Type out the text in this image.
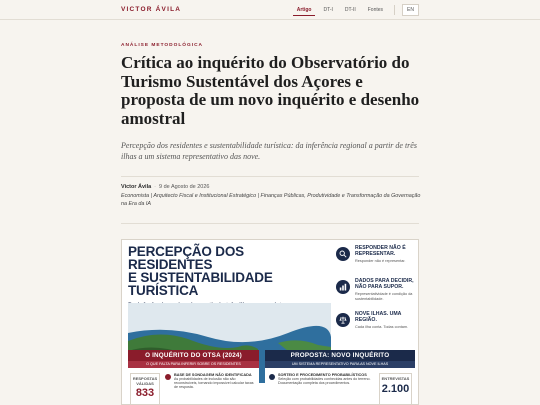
VICTOR ÁVILA	Artigo	DT-I	DT-II	Fontes	EN
ANÁLISE METODOLÓGICA
Crítica ao inquérito do Observatório do Turismo Sustentável dos Açores e proposta de um novo inquérito e desenho amostral

Percepção dos residentes e sustentabilidade turística: da inferência regional a partir de três ilhas a um sistema representativo das nove.

Victor Ávila · 9 de Agosto de 2026
Economista | Arquitecto Fiscal e Institucional Estratégico | Finanças Públicas, Produtividade e Transformação da Governação na Era da IA
PERCEPÇÃO DOS RESIDENTES
E SUSTENTABILIDADE TURÍSTICA
RESPONDER NÃO É REPRESENTAR.
Responder não é representar.
DADOS PARA DECIDIR, NÃO PARA SUPOR.
Representatividade é condição da sustentabilidade.
NOVE ILHAS. UMA REGIÃO.
Cada ilha conta. Todas contam.
O INQUÉRITO DO OTSA (2024)
O QUE FALTA PARA INFERIR SOBRE OS RESIDENTES
RESPOSTAS VÁLIDAS
833
BASE DE SONDAGEM NÃO IDENTIFICADA
As probabilidades de inclusão não são reconstruíveis, tornando impossível calcular taxas de resposta.
PROPOSTA: NOVO INQUÉRITO
UM SISTEMA REPRESENTATIVO PARA AS NOVE ILHAS
SORTEIO E PROCEDIMENTO PROBABILÍSTICOS
Seleção com probabilidades conhecidas antes do terreno. Documentação completa dos procedimentos.
ENTREVISTAS
2.100
